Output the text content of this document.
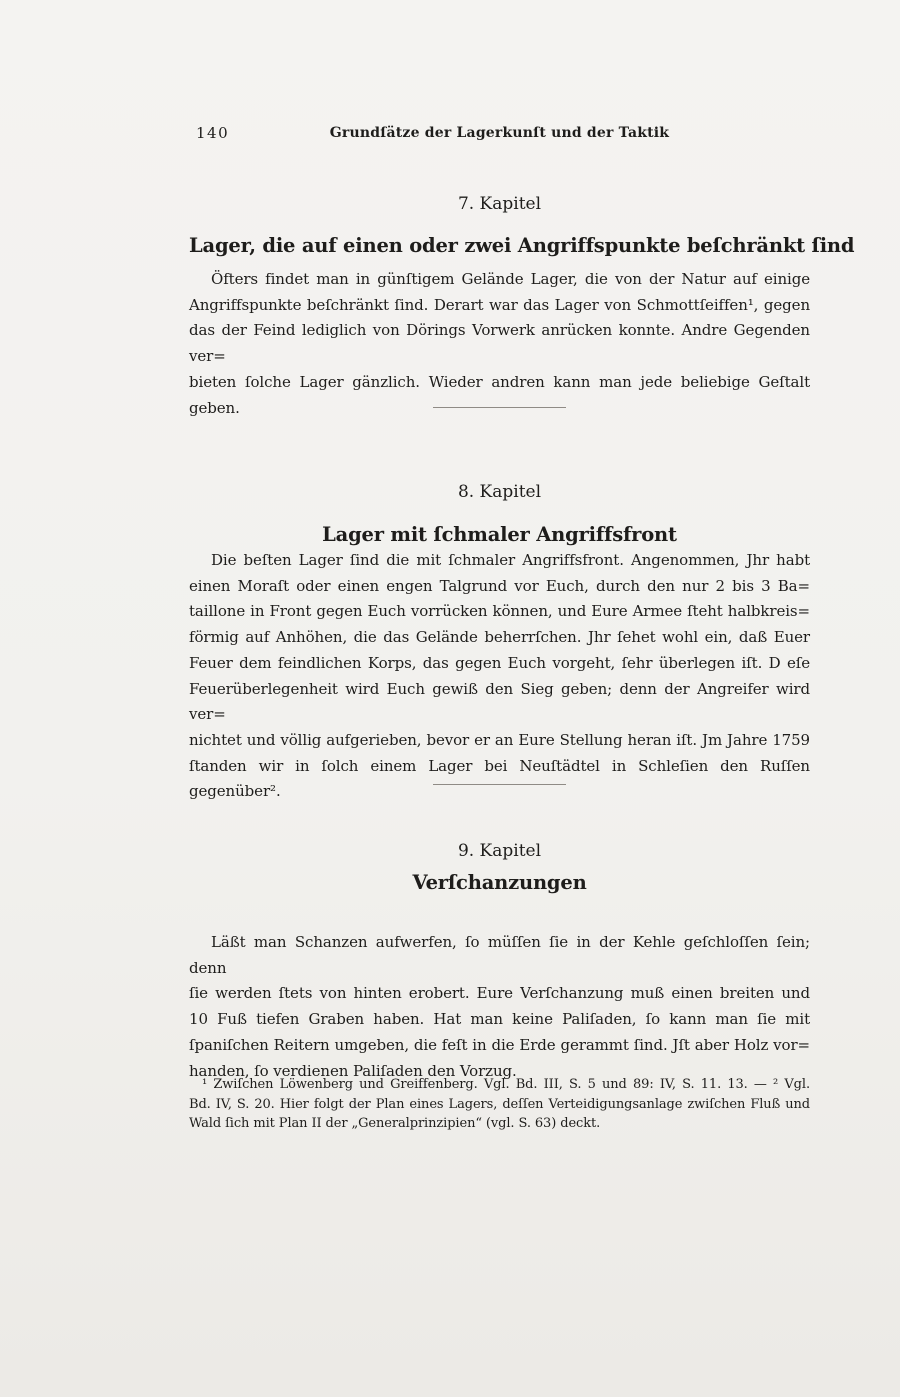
140	Grundſätze der Lagerkunſt und der Taktik
7. Kapitel
Lager, die auf einen oder zwei Angriffspunkte beſchränkt ſind
Öfters findet man in günſtigem Gelände Lager, die von der Natur auf einige
Angriffspunkte beſchränkt ſind. Derart war das Lager von Schmottſeiffen¹, gegen
das der Feind lediglich von Dörings Vorwerk anrücken konnte. Andre Gegenden ver=
bieten ſolche Lager gänzlich. Wieder andren kann man jede beliebige Geſtalt geben.
8. Kapitel
Lager mit ſchmaler Angriffsfront
Die beſten Lager ſind die mit ſchmaler Angriffsfront. Angenommen, Jhr habt
einen Moraſt oder einen engen Talgrund vor Euch, durch den nur 2 bis 3 Ba=
taillone in Front gegen Euch vorrücken können, und Eure Armee ſteht halbkreis=
förmig auf Anhöhen, die das Gelände beherrſchen. Jhr ſehet wohl ein, daß Euer
Feuer dem feindlichen Korps, das gegen Euch vorgeht, ſehr überlegen iſt. D eſe
Feuerüberlegenheit wird Euch gewiß den Sieg geben; denn der Angreifer wird ver=
nichtet und völlig aufgerieben, bevor er an Eure Stellung heran iſt. Jm Jahre 1759
ſtanden wir in ſolch einem Lager bei Neuſtädtel in Schleſien den Ruſſen gegenüber².
9. Kapitel
Verſchanzungen
Läßt man Schanzen aufwerfen, ſo müſſen ſie in der Kehle geſchloſſen ſein; denn
ſie werden ſtets von hinten erobert. Eure Verſchanzung muß einen breiten und
10 Fuß tiefen Graben haben. Hat man keine Paliſaden, ſo kann man ſie mit
ſpaniſchen Reitern umgeben, die feſt in die Erde gerammt ſind. Jſt aber Holz vor=
handen, ſo verdienen Paliſaden den Vorzug.
¹ Zwiſchen Löwenberg und Greiffenberg. Vgl. Bd. III, S. 5 und 89: IV, S. 11. 13. — ² Vgl.
Bd. IV, S. 20. Hier folgt der Plan eines Lagers, deſſen Verteidigungsanlage zwiſchen Fluß und
Wald ſich mit Plan II der „Generalprinzipien“ (vgl. S. 63) deckt.
